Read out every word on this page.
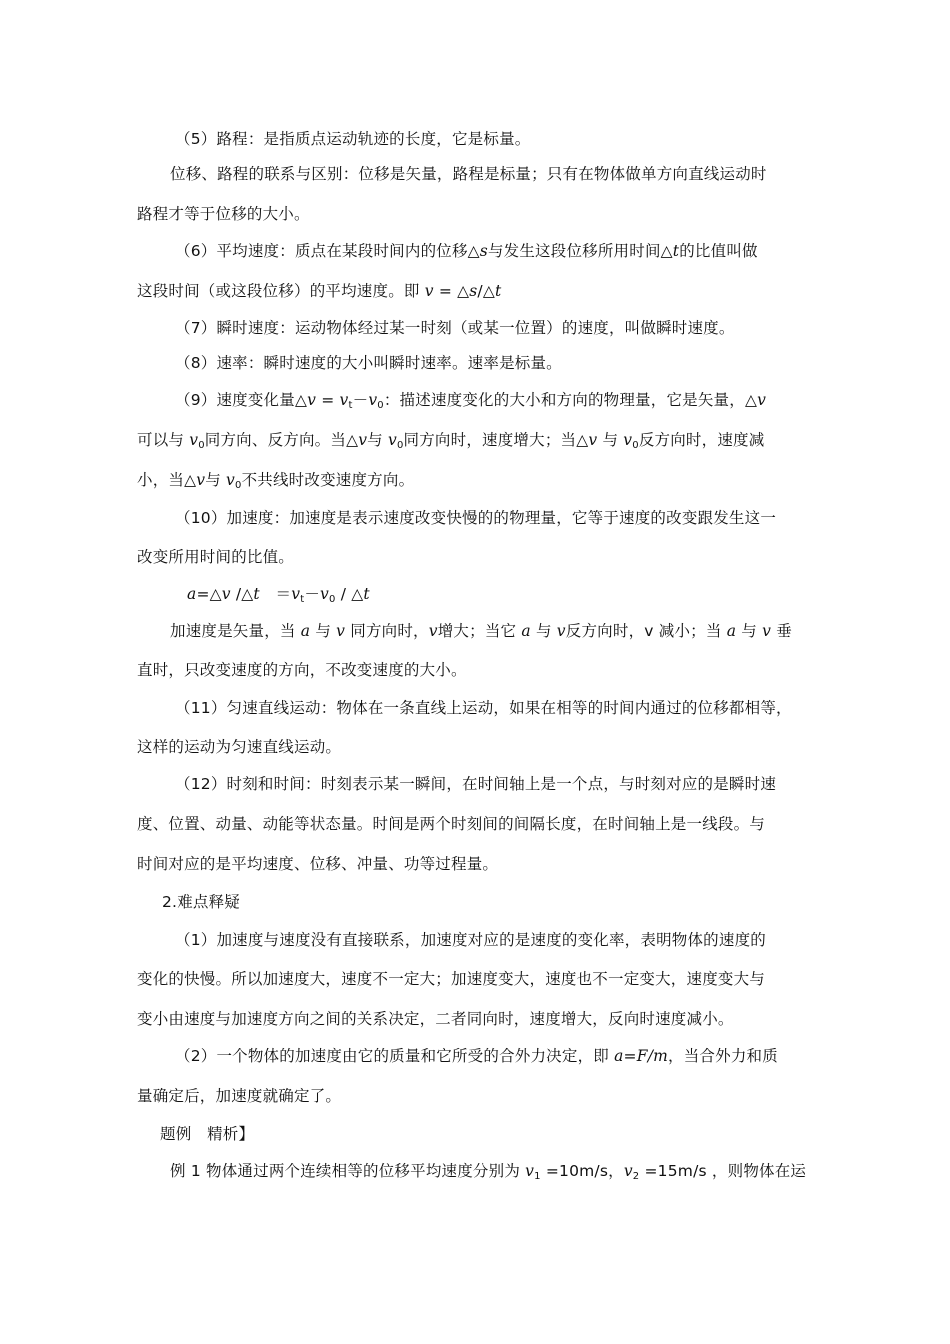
（5）路程：是指质点运动轨迹的长度，它是标量。
位移、路程的联系与区别：位移是矢量，路程是标量；只有在物体做单方向直线运动时
路程才等于位移的大小。
（6）平均速度：质点在某段时间内的位移△s与发生这段位移所用时间△t的比值叫做
这段时间（或这段位移）的平均速度。即 v = △s/△t
（7）瞬时速度：运动物体经过某一时刻（或某一位置）的速度，叫做瞬时速度。
（8）速率：瞬时速度的大小叫瞬时速率。速率是标量。
（9）速度变化量△v = $v_t-v_0$：描述速度变化的大小和方向的物理量，它是矢量，△v
可以与 $v_0$同方向、反方向。当△v与 $v_0$同方向时，速度增大；当△v 与 $v_0$反方向时，速度减
小，当△v与 $v_0$不共线时改变速度方向。
（10）加速度：加速度是表示速度改变快慢的的物理量，它等于速度的改变跟发生这一
改变所用时间的比值。
a=△v /△t　$=v_t-v_0$ / △t
加速度是矢量，当 a 与 v 同方向时，v增大；当它 a 与 v反方向时，v 减小；当 a 与 v 垂
直时，只改变速度的方向，不改变速度的大小。
（11）匀速直线运动：物体在一条直线上运动，如果在相等的时间内通过的位移都相等，
这样的运动为匀速直线运动。
（12）时刻和时间：时刻表示某一瞬间，在时间轴上是一个点，与时刻对应的是瞬时速
度、位置、动量、动能等状态量。时间是两个时刻间的间隔长度，在时间轴上是一线段。与
时间对应的是平均速度、位移、冲量、功等过程量。
2.难点释疑
（1）加速度与速度没有直接联系，加速度对应的是速度的变化率，表明物体的速度的
变化的快慢。所以加速度大，速度不一定大；加速度变大，速度也不一定变大，速度变大与
变小由速度与加速度方向之间的关系决定，二者同向时，速度增大，反向时速度减小。
（2）一个物体的加速度由它的质量和它所受的合外力决定，即 a=F/m，当合外力和质
量确定后，加速度就确定了。
题例　精析】
例 1 物体通过两个连续相等的位移平均速度分别为 $v_1 =10m/s$，$v_2 =15m/s$ ，则物体在运
